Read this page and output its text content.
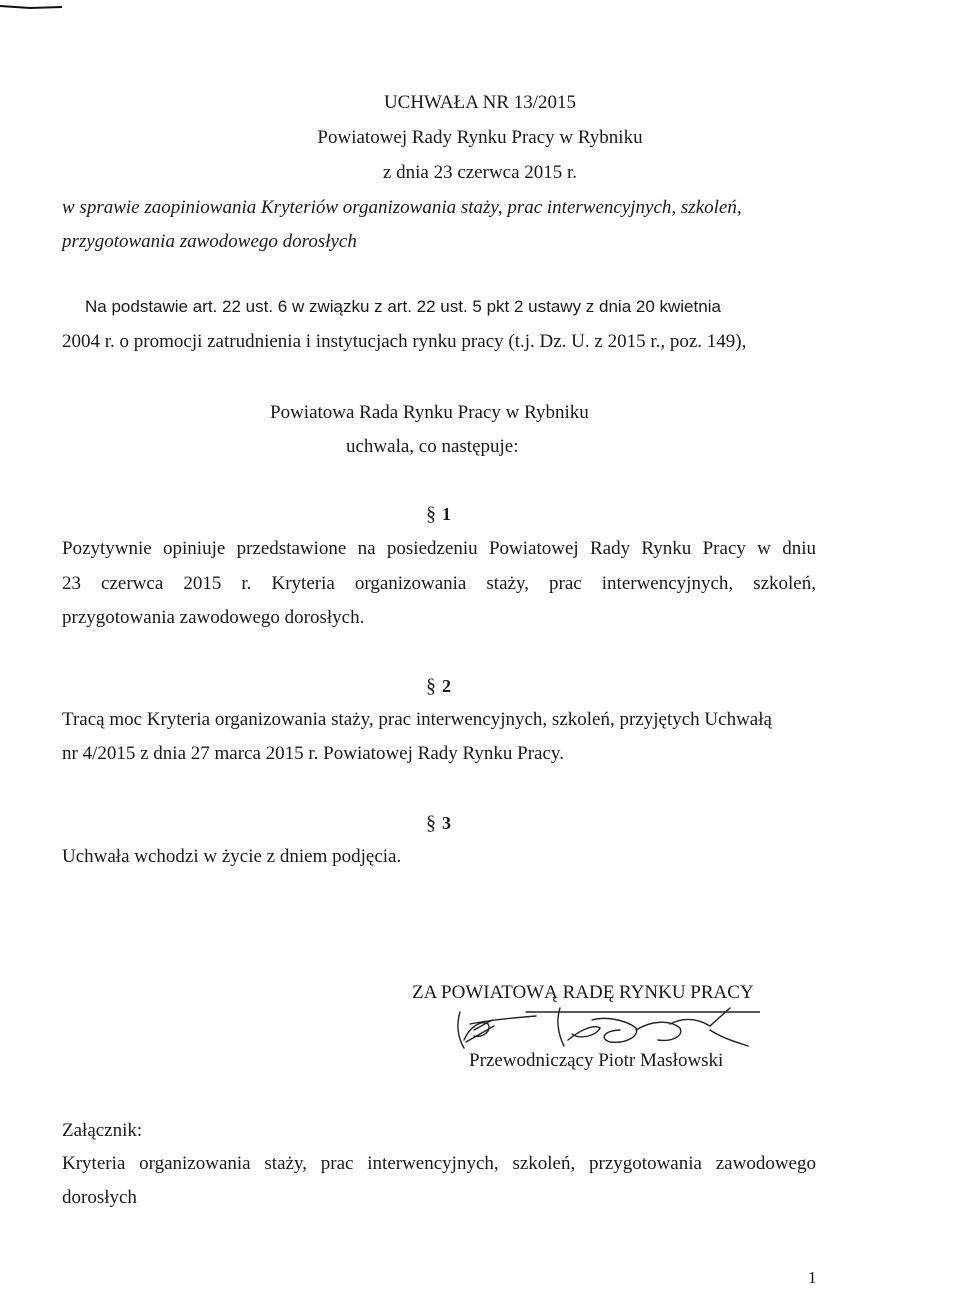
UCHWAŁA NR 13/2015
Powiatowej Rady Rynku Pracy w Rybniku
z dnia 23 czerwca 2015 r.
w sprawie zaopiniowania Kryteriów organizowania staży, prac interwencyjnych, szkoleń,
przygotowania zawodowego dorosłych
Na podstawie art. 22 ust. 6 w związku z art. 22 ust. 5 pkt 2 ustawy z dnia 20 kwietnia
2004 r. o promocji zatrudnienia i instytucjach rynku pracy (t.j. Dz. U. z 2015 r., poz. 149),
Powiatowa Rada Rynku Pracy w Rybniku
uchwala, co następuje:
§ 1
Pozytywnie opiniuje przedstawione na posiedzeniu Powiatowej Rady Rynku Pracy w dniu
23 czerwca 2015 r. Kryteria organizowania staży, prac interwencyjnych, szkoleń,
przygotowania zawodowego dorosłych.
§ 2
Tracą moc Kryteria organizowania staży, prac interwencyjnych, szkoleń, przyjętych Uchwałą
nr 4/2015 z dnia 27 marca 2015 r. Powiatowej Rady Rynku Pracy.
§ 3
Uchwała wchodzi w życie z dniem podjęcia.
ZA POWIATOWĄ RADĘ RYNKU PRACY
Przewodniczący Piotr Masłowski
Załącznik:
Kryteria organizowania staży, prac interwencyjnych, szkoleń, przygotowania zawodowego
dorosłych
1
